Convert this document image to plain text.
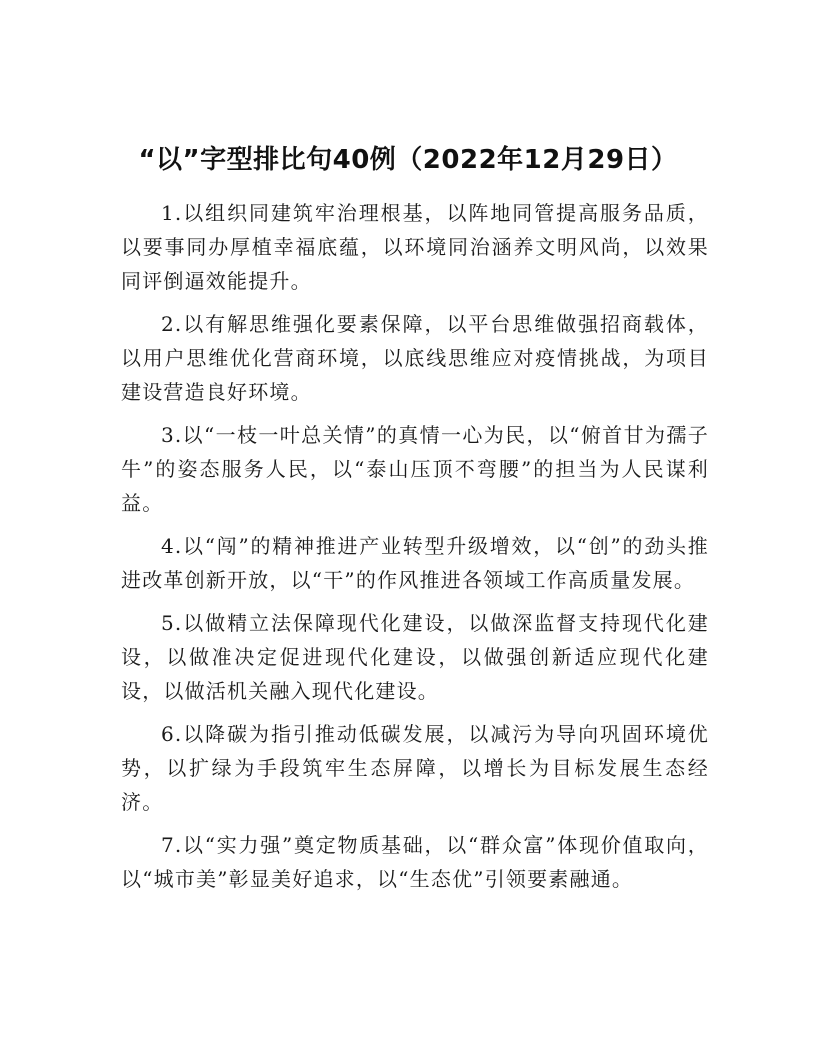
“以”字型排比句40例（2022年12月29日）

1.以组织同建筑牢治理根基，以阵地同管提高服务品质，以要事同办厚植幸福底蕴，以环境同治涵养文明风尚，以效果同评倒逼效能提升。

2.以有解思维强化要素保障，以平台思维做强招商载体，以用户思维优化营商环境，以底线思维应对疫情挑战，为项目建设营造良好环境。

3.以“一枝一叶总关情”的真情一心为民，以“俯首甘为孺子牛”的姿态服务人民，以“泰山压顶不弯腰”的担当为人民谋利益。

4.以“闯”的精神推进产业转型升级增效，以“创”的劲头推进改革创新开放，以“干”的作风推进各领域工作高质量发展。

5.以做精立法保障现代化建设，以做深监督支持现代化建设，以做准决定促进现代化建设，以做强创新适应现代化建设，以做活机关融入现代化建设。

6.以降碳为指引推动低碳发展，以减污为导向巩固环境优势，以扩绿为手段筑牢生态屏障，以增长为目标发展生态经济。

7.以“实力强”奠定物质基础，以“群众富”体现价值取向，以“城市美”彰显美好追求，以“生态优”引领要素融通。
